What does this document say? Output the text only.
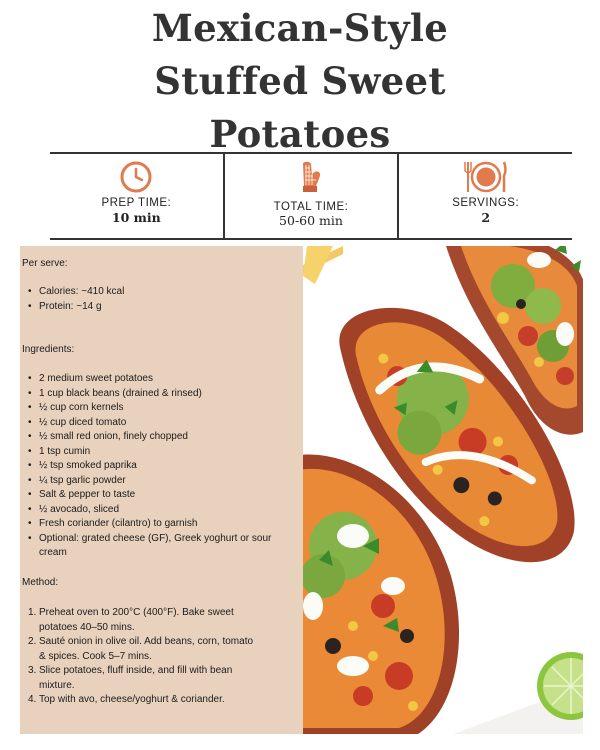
Mexican-Style
Stuffed Sweet
Potatoes
PREP TIME:
10 min
TOTAL TIME:
50-60 min
SERVINGS:
2
Per serve:
• Calories: ~410 kcal
• Protein: ~14 g
Ingredients:
• 2 medium sweet potatoes
• 1 cup black beans (drained & rinsed)
• ½ cup corn kernels
• ½ cup diced tomato
• ½ small red onion, finely chopped
• 1 tsp cumin
• ½ tsp smoked paprika
• ¼ tsp garlic powder
• Salt & pepper to taste
• ½ avocado, sliced
• Fresh coriander (cilantro) to garnish
• Optional: grated cheese (GF), Greek yoghurt or sour
cream
Method:
1. Preheat oven to 200°C (400°F). Bake sweet
potatoes 40–50 mins.
2. Sauté onion in olive oil. Add beans, corn, tomato
& spices. Cook 5–7 mins.
3. Slice potatoes, fluff inside, and fill with bean
mixture.
4. Top with avo, cheese/yoghurt & coriander.
